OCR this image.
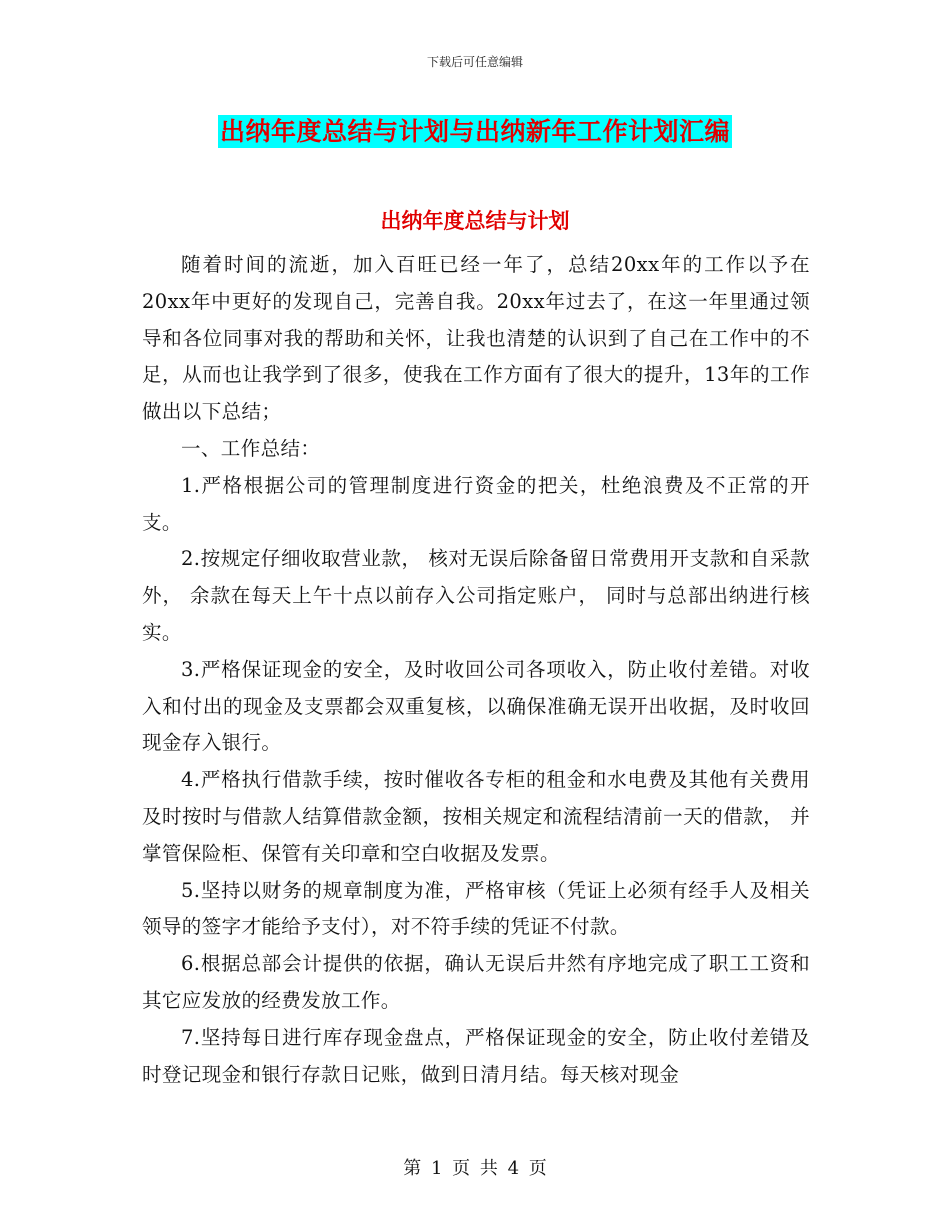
下载后可任意编辑
出纳年度总结与计划与出纳新年工作计划汇编
出纳年度总结与计划

随着时间的流逝，加入百旺已经一年了，总结20xx年的工作以予在20xx年中更好的发现自己，完善自我。20xx年过去了，在这一年里通过领导和各位同事对我的帮助和关怀，让我也清楚的认识到了自己在工作中的不足，从而也让我学到了很多，使我在工作方面有了很大的提升，13年的工作做出以下总结；

一、工作总结：

1.严格根据公司的管理制度进行资金的把关，杜绝浪费及不正常的开支。

2.按规定仔细收取营业款， 核对无误后除备留日常费用开支款和自采款外， 余款在每天上午十点以前存入公司指定账户， 同时与总部出纳进行核实。

3.严格保证现金的安全，及时收回公司各项收入，防止收付差错。对收入和付出的现金及支票都会双重复核，以确保准确无误开出收据，及时收回现金存入银行。

4.严格执行借款手续，按时催收各专柜的租金和水电费及其他有关费用及时按时与借款人结算借款金额，按相关规定和流程结清前一天的借款， 并掌管保险柜、保管有关印章和空白收据及发票。

5.坚持以财务的规章制度为准，严格审核（凭证上必须有经手人及相关领导的签字才能给予支付），对不符手续的凭证不付款。

6.根据总部会计提供的依据，确认无误后井然有序地完成了职工工资和其它应发放的经费发放工作。

7.坚持每日进行库存现金盘点，严格保证现金的安全，防止收付差错及时登记现金和银行存款日记账，做到日清月结。每天核对现金

第 1 页 共 4 页
